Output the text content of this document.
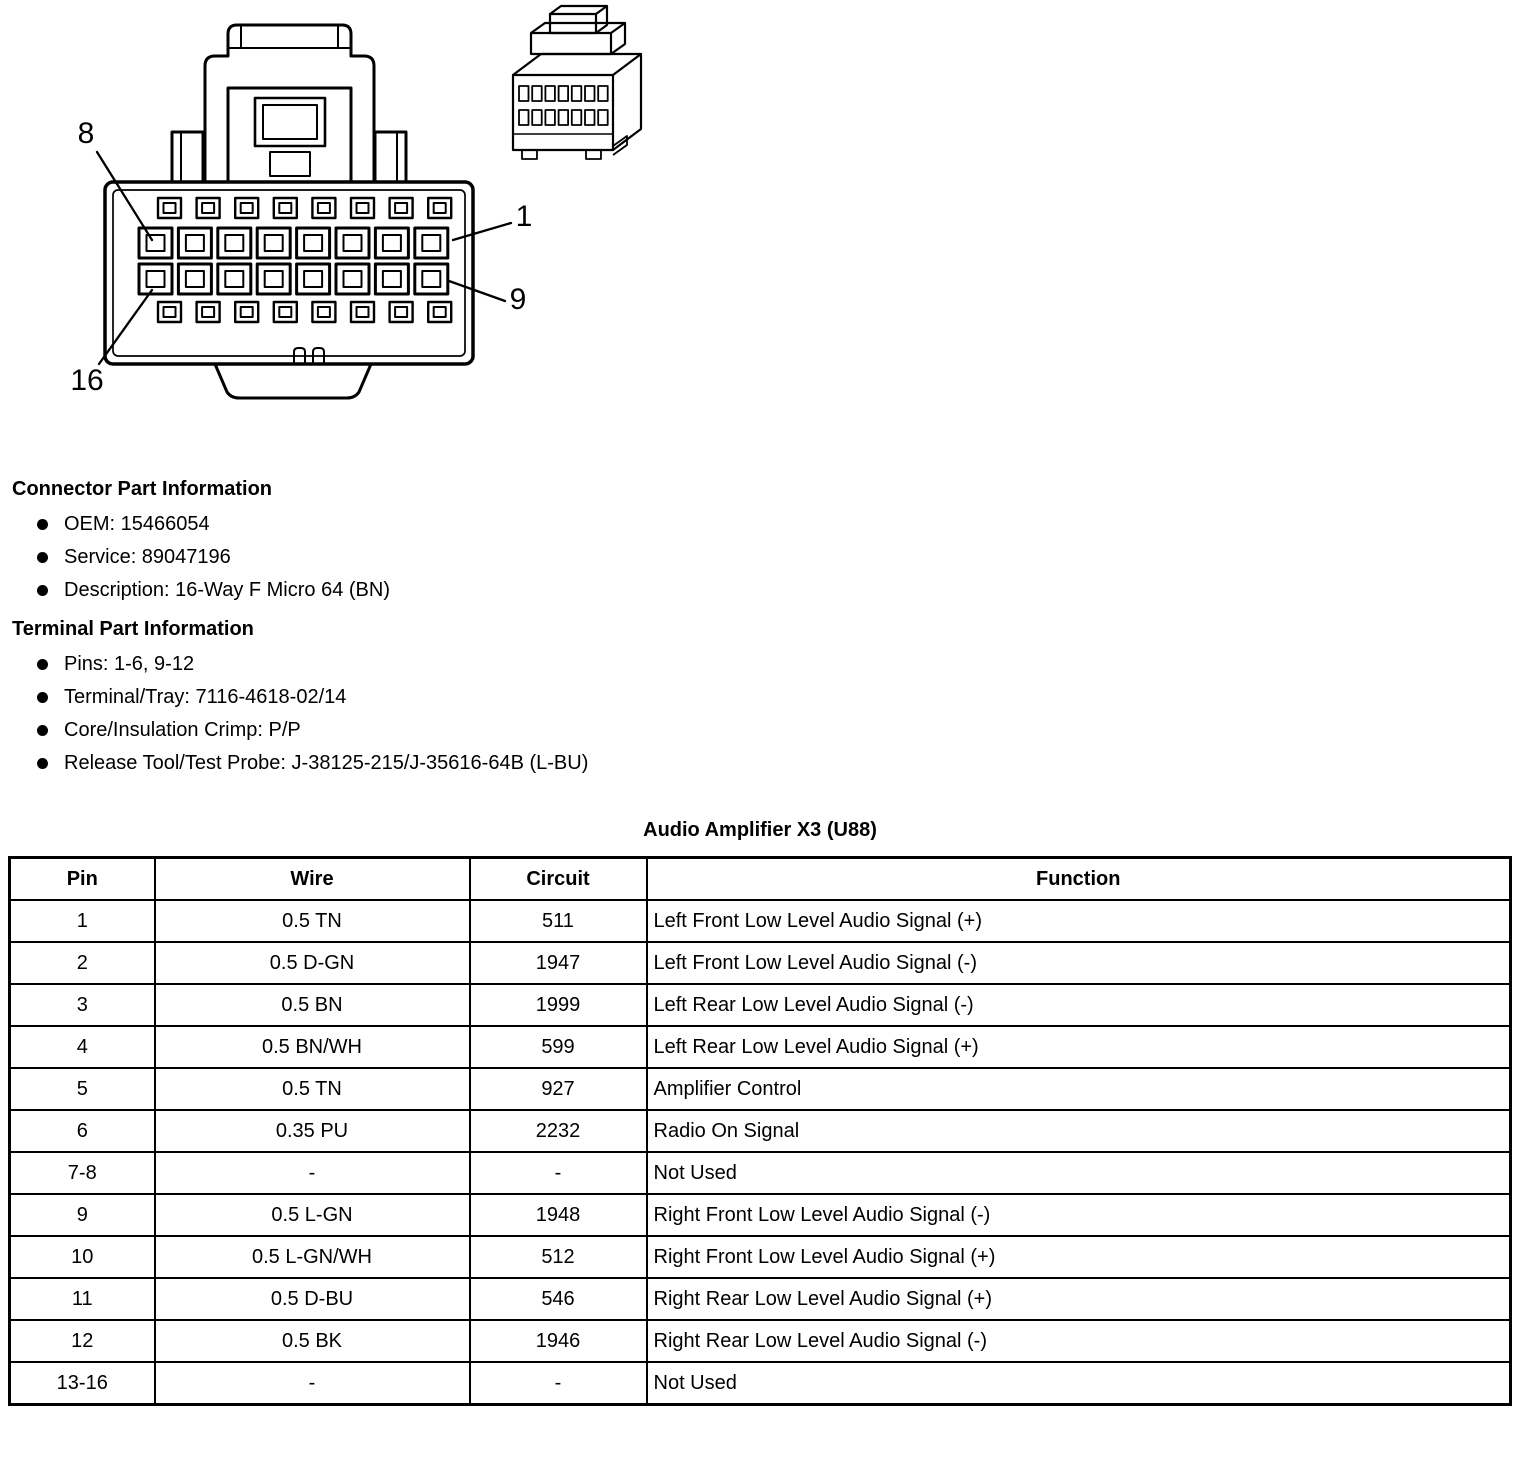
8
1
9
16
Connector Part Information
OEM: 15466054
Service: 89047196
Description: 16-Way F Micro 64 (BN)
Terminal Part Information
Pins: 1-6, 9-12
Terminal/Tray: 7116-4618-02/14
Core/Insulation Crimp: P/P
Release Tool/Test Probe: J-38125-215/J-35616-64B (L-BU)
Audio Amplifier X3 (U88)
Pin	Wire	Circuit	Function
1	0.5 TN	511	Left Front Low Level Audio Signal (+)
2	0.5 D-GN	1947	Left Front Low Level Audio Signal (-)
3	0.5 BN	1999	Left Rear Low Level Audio Signal (-)
4	0.5 BN/WH	599	Left Rear Low Level Audio Signal (+)
5	0.5 TN	927	Amplifier Control
6	0.35 PU	2232	Radio On Signal
7-8	-	-	Not Used
9	0.5 L-GN	1948	Right Front Low Level Audio Signal (-)
10	0.5 L-GN/WH	512	Right Front Low Level Audio Signal (+)
11	0.5 D-BU	546	Right Rear Low Level Audio Signal (+)
12	0.5 BK	1946	Right Rear Low Level Audio Signal (-)
13-16	-	-	Not Used
